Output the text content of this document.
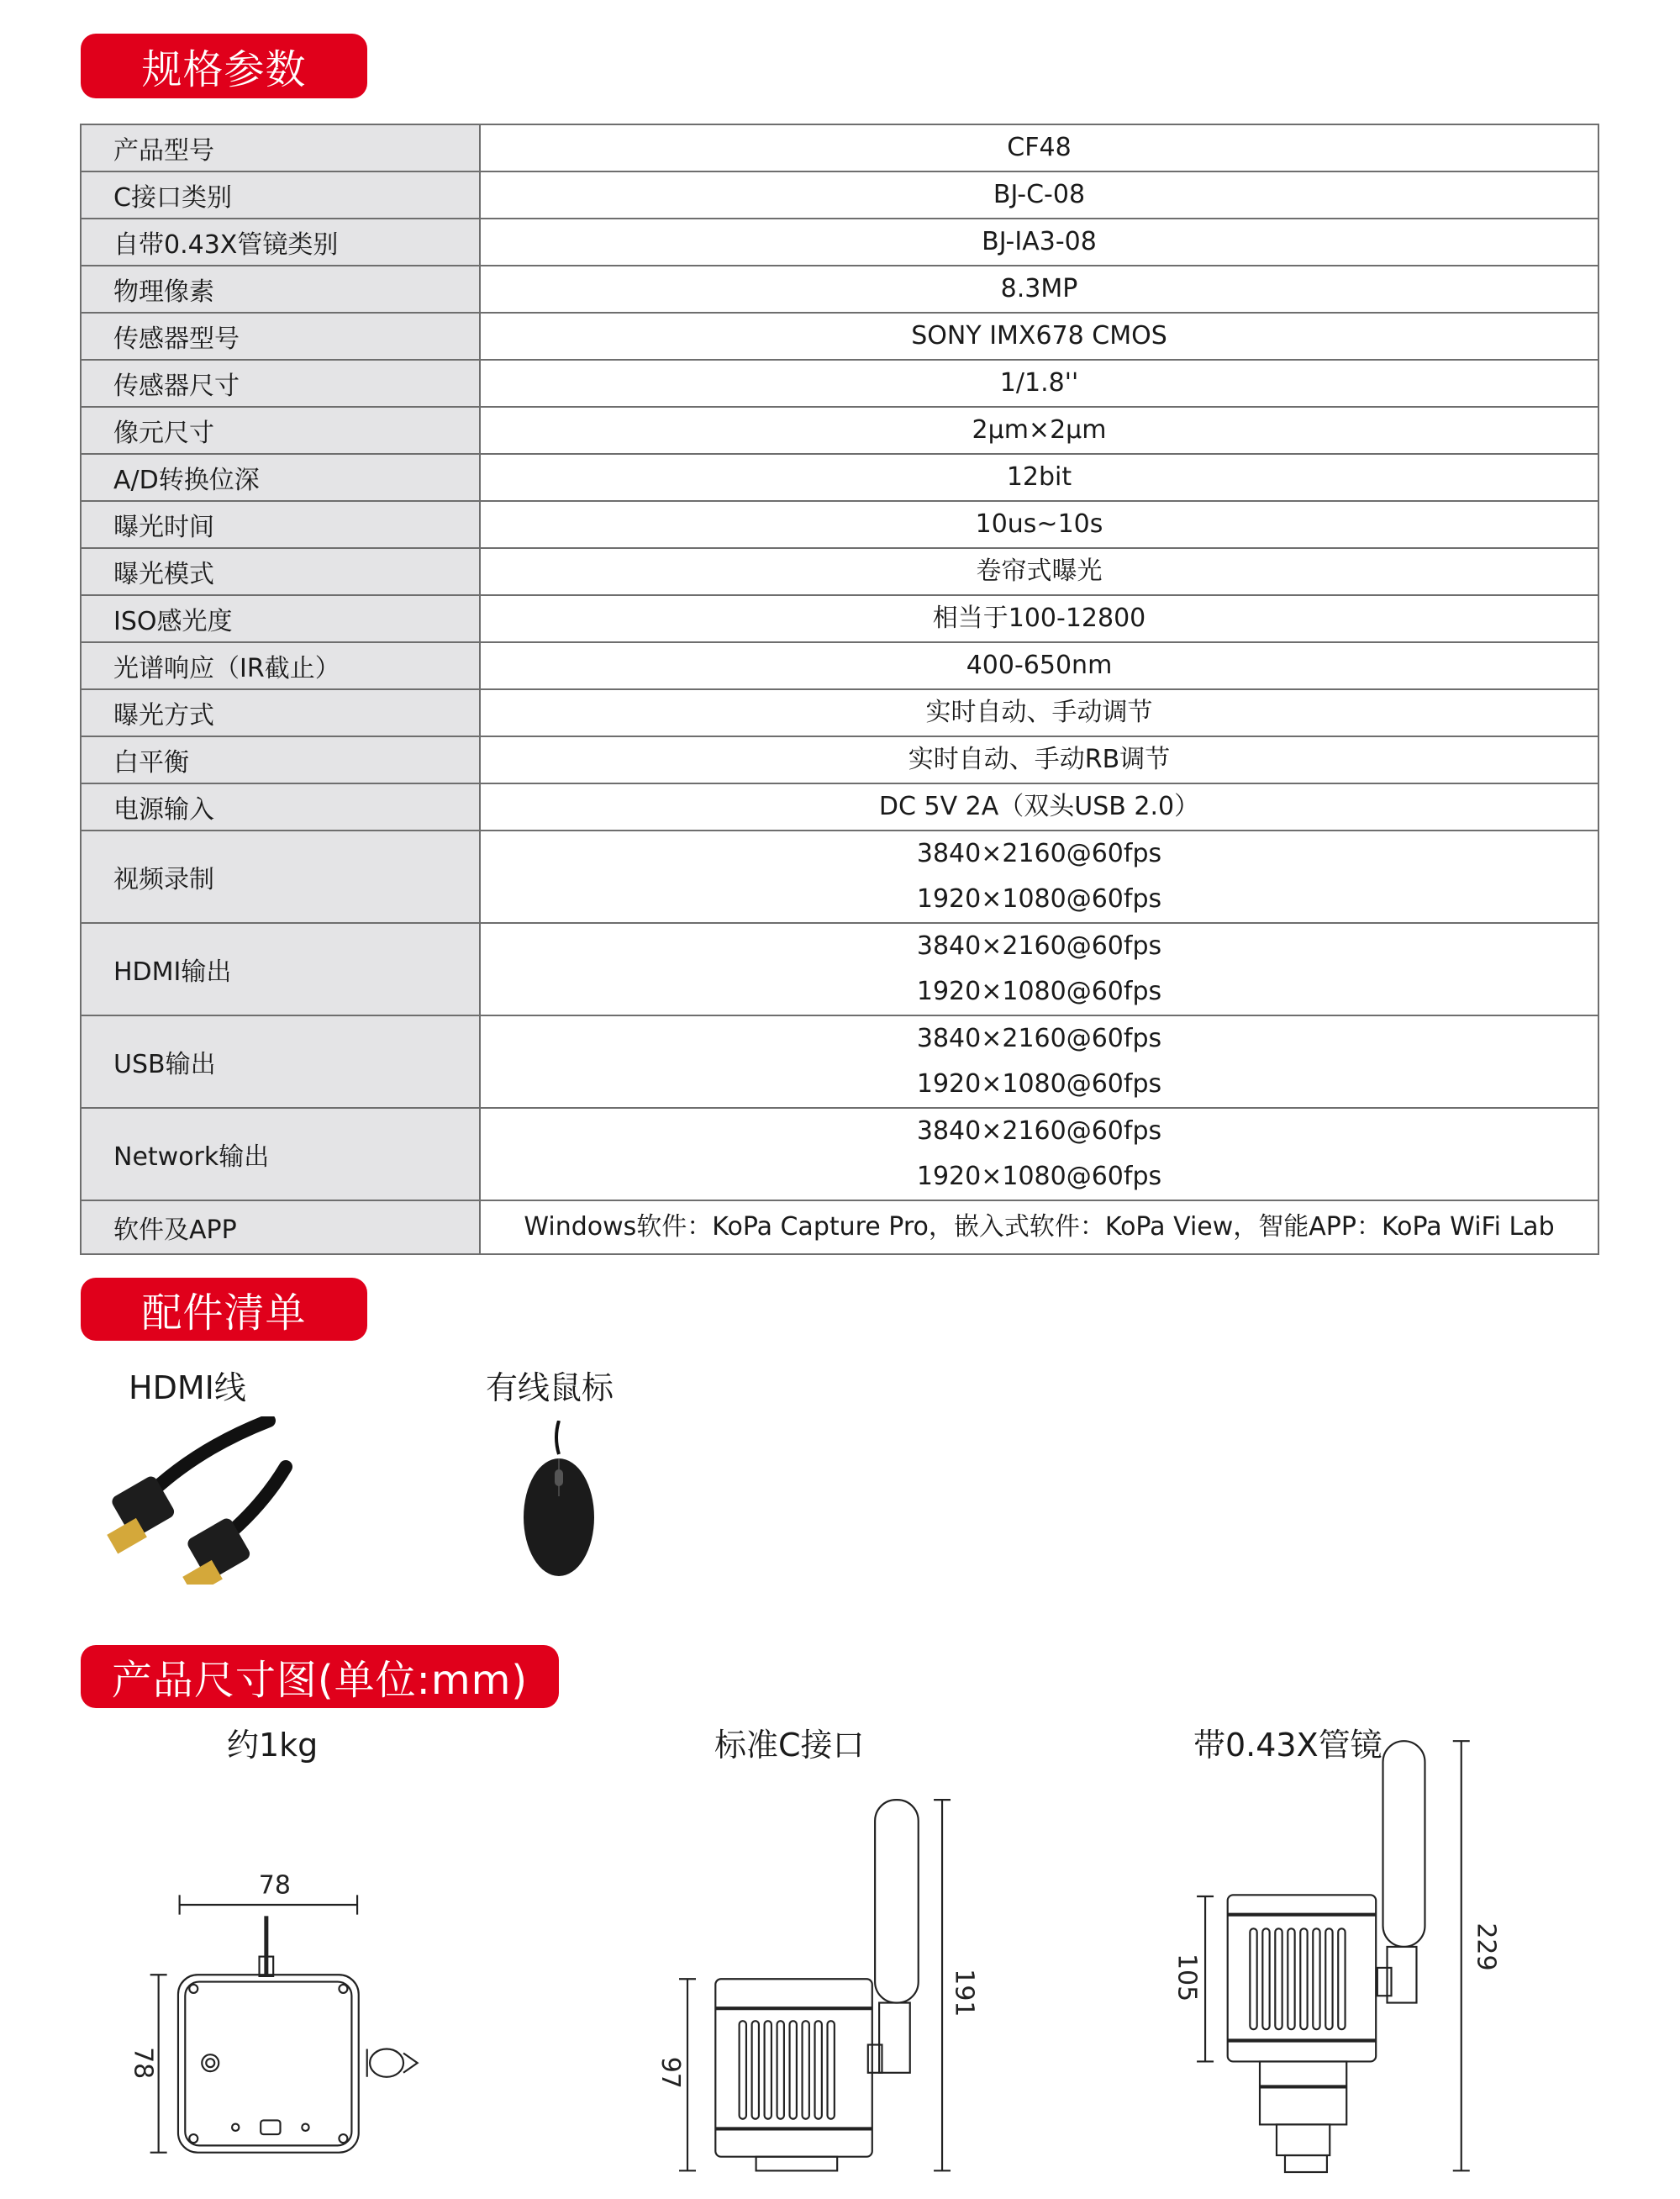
规格参数
产品型号	CF48

C接口类别	BJ-C-08

自带0.43X管镜类别	BJ-IA3-08

物理像素	8.3MP

传感器型号	SONY IMX678 CMOS

传感器尺寸	1/1.8''

像元尺寸	2μm×2μm

A/D转换位深	12bit

曝光时间	10us~10s

曝光模式	卷帘式曝光

ISO感光度	相当于100-12800

光谱响应（IR截止）	400-650nm

曝光方式	实时自动、手动调节

白平衡	实时自动、手动RB调节

电源输入	DC 5V 2A（双头USB 2.0）

视频录制	3840×2160@60fps
1920×1080@60fps

HDMI输出	3840×2160@60fps
1920×1080@60fps

USB输出	3840×2160@60fps
1920×1080@60fps

Network输出	3840×2160@60fps
1920×1080@60fps

软件及APP	Windows软件：KoPa Capture Pro，嵌入式软件：KoPa View，智能APP：KoPa WiFi Lab
配件清单
HDMI线	有线鼠标
产品尺寸图(单位:mm)
约1kg	标准C接口	带0.43X管镜
78
78	97
191	105
229
